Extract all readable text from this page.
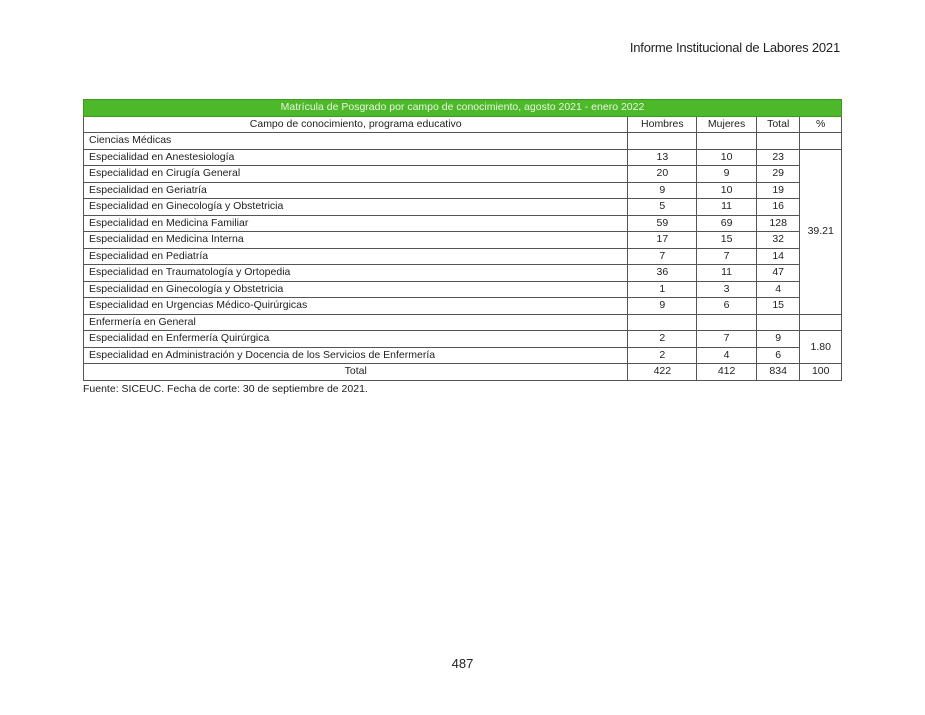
Informe Institucional de Labores 2021
Matrícula de Posgrado por campo de conocimiento, agosto 2021 - enero 2022				
Campo de conocimiento, programa educativo	Hombres	Mujeres	Total	%
Ciencias Médicas				
Especialidad en Anestesiología	13	10	23	39.21
Especialidad en Cirugía General	20	9	29	
Especialidad en Geriatría	9	10	19	
Especialidad en Ginecología y Obstetricia	5	11	16	
Especialidad en Medicina Familiar	59	69	128	
Especialidad en Medicina Interna	17	15	32	
Especialidad en Pediatría	7	7	14	
Especialidad en Traumatología y Ortopedia	36	11	47	
Especialidad en Ginecología y Obstetricia	1	3	4	
Especialidad en Urgencias Médico-Quirúrgicas	9	6	15	
Enfermería en General				
Especialidad en Enfermería Quirúrgica	2	7	9	1.80
Especialidad en Administración y Docencia de los Servicios de Enfermería	2	4	6	
Total	422	412	834	100
Fuente: SICEUC. Fecha de corte: 30 de septiembre de 2021.
487
